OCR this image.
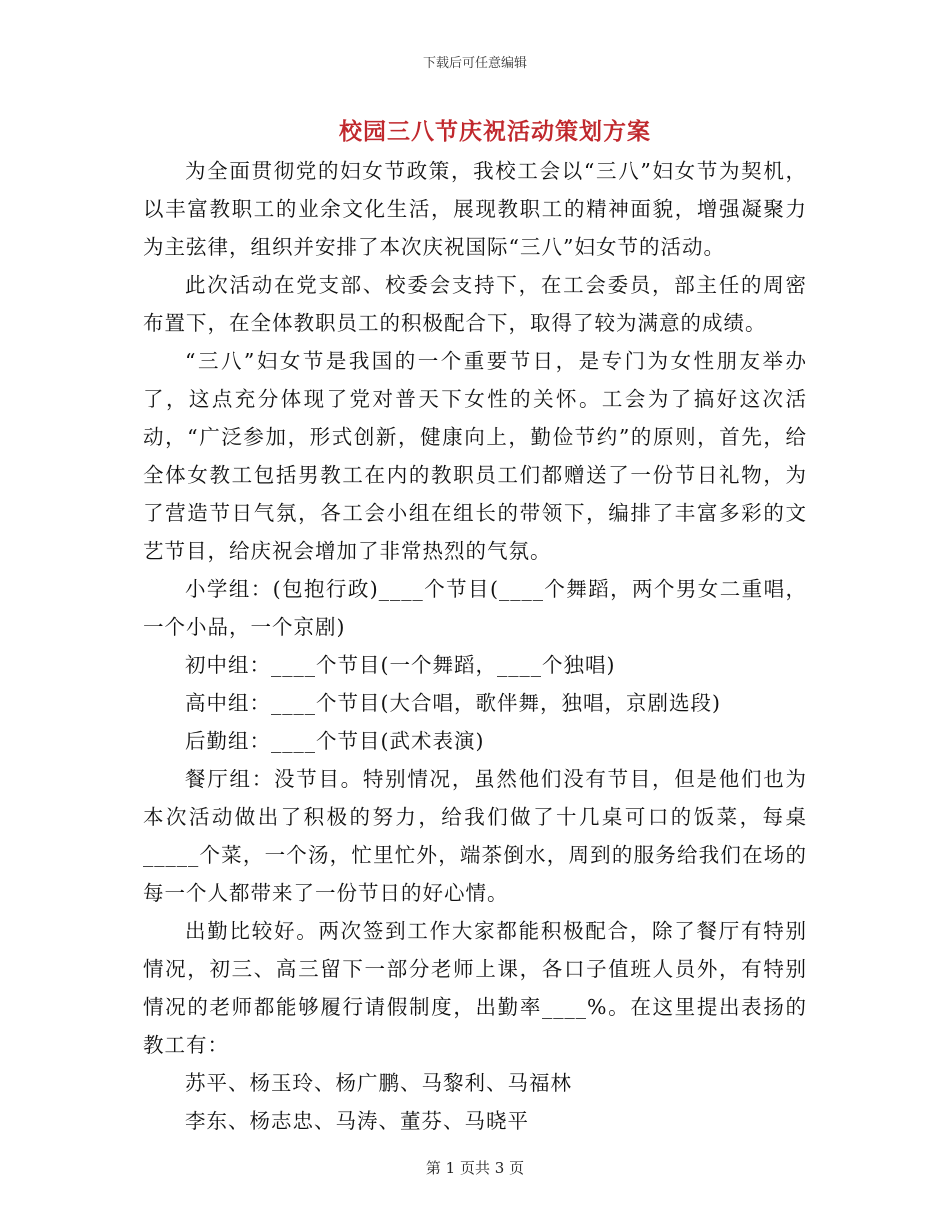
下载后可任意编辑
校园三八节庆祝活动策划方案

为全面贯彻党的妇女节政策，我校工会以“三八”妇女节为契机，以丰富教职工的业余文化生活，展现教职工的精神面貌，增强凝聚力为主弦律，组织并安排了本次庆祝国际“三八”妇女节的活动。

此次活动在党支部、校委会支持下，在工会委员，部主任的周密布置下，在全体教职员工的积极配合下，取得了较为满意的成绩。

“三八”妇女节是我国的一个重要节日，是专门为女性朋友举办了，这点充分体现了党对普天下女性的关怀。工会为了搞好这次活动，“广泛参加，形式创新，健康向上，勤俭节约”的原则，首先，给全体女教工包括男教工在内的教职员工们都赠送了一份节日礼物，为了营造节日气氛，各工会小组在组长的带领下，编排了丰富多彩的文艺节目，给庆祝会增加了非常热烈的气氛。

小学组：(包抱行政)____个节目(____个舞蹈，两个男女二重唱，一个小品，一个京剧)

初中组：____个节目(一个舞蹈，____个独唱)

高中组：____个节目(大合唱，歌伴舞，独唱，京剧选段)

后勤组：____个节目(武术表演)

餐厅组：没节目。特别情况，虽然他们没有节目，但是他们也为本次活动做出了积极的努力，给我们做了十几桌可口的饭菜，每桌_____个菜，一个汤，忙里忙外，端茶倒水，周到的服务给我们在场的每一个人都带来了一份节日的好心情。

出勤比较好。两次签到工作大家都能积极配合，除了餐厅有特别情况，初三、高三留下一部分老师上课，各口子值班人员外，有特别情况的老师都能够履行请假制度，出勤率____%。在这里提出表扬的教工有：

苏平、杨玉玲、杨广鹏、马黎利、马福林

李东、杨志忠、马涛、董芬、马晓平

第 1 页共 3 页
